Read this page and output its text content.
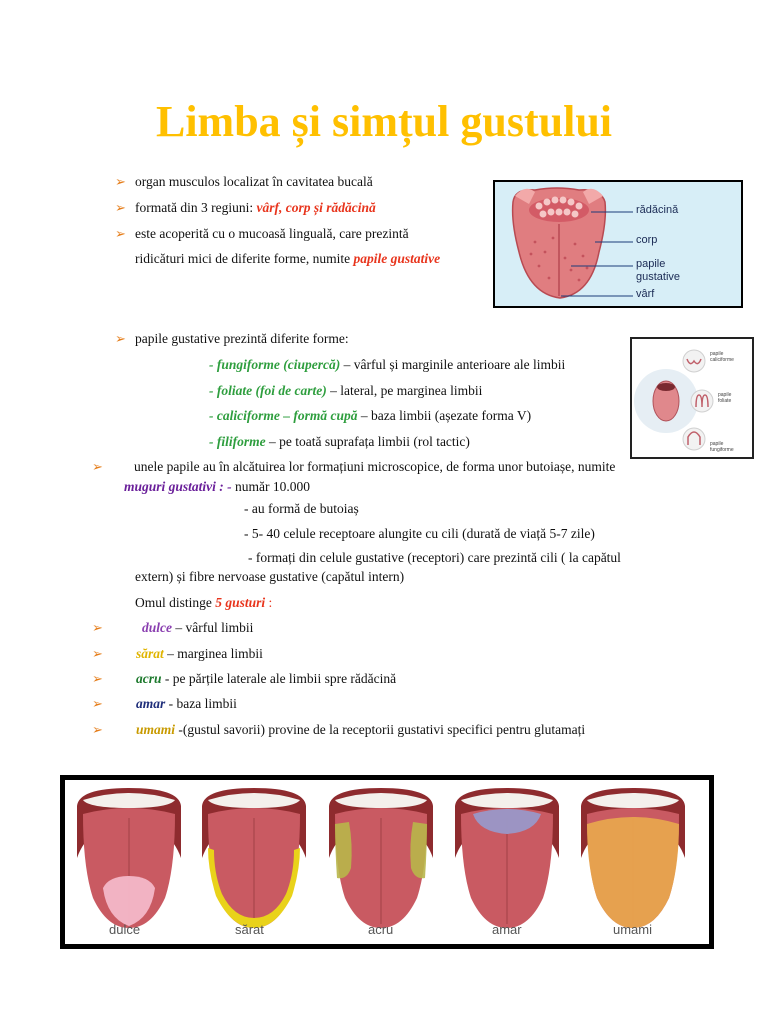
Limba și simțul gustului
➢ organ musculos localizat în cavitatea bucală
➢ formată din 3 regiuni: vârf, corp și rădăcină
➢ este acoperită cu o mucoasă linguală, care prezintă
ridicături mici de diferite forme, numite papile gustative
rădăcină
corp
papile
gustative
vârf
➢ papile gustative prezintă diferite forme:
- fungiforme (ciupercă) – vârful și marginile anterioare ale limbii
- foliate (foi de carte) – lateral, pe marginea limbii
- caliciforme – formă cupă – baza limbii (așezate forma V)
- filiforme – pe toată suprafața limbii (rol tactic)
papile
caliciforme
papile
foliate
papile
fungiforme
➢ unele papile au în alcătuirea lor formațiuni microscopice, de forma unor butoiașe, numite
muguri gustativi : - număr 10.000
- au formă de butoiaș
- 5- 40 celule receptoare alungite cu cili (durată de viață 5-7 zile)
- formați din celule gustative (receptori) care prezintă cili ( la capătul
extern) și fibre nervoase gustative (capătul intern)
Omul distinge 5 gusturi :
➢	dulce – vârful limbii
➢ sărat – marginea limbii
➢ acru - pe părțile laterale ale limbii spre rădăcină
➢ amar - baza limbii
➢ umami -(gustul savorii) provine de la receptorii gustativi specifici pentru glutamați
dulce	sărat	acru	amar	umami
